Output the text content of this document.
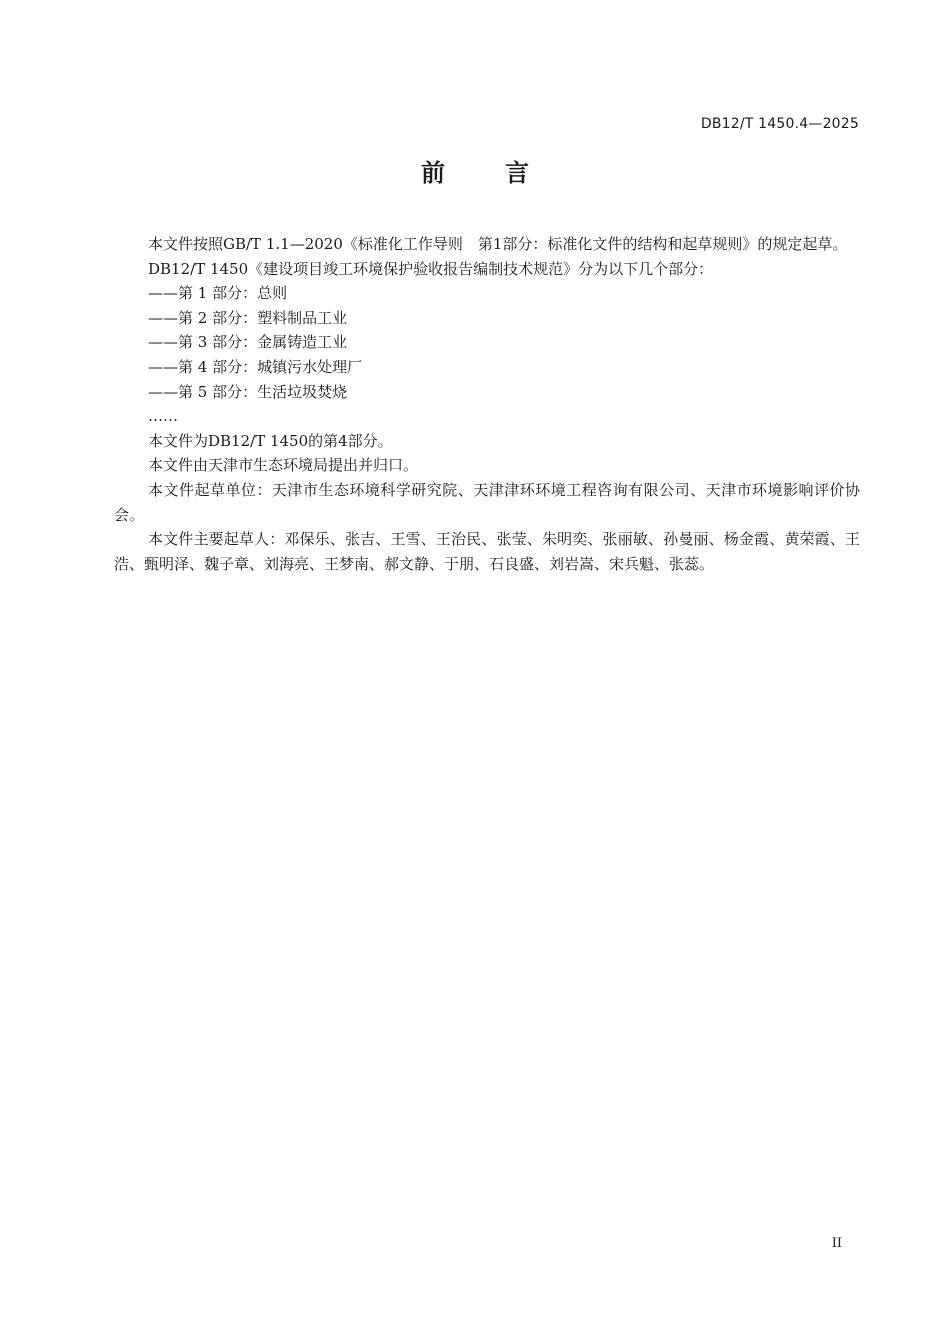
DB12/T 1450.4—2025
前	言

本文件按照GB/T 1.1—2020《标准化工作导则　第1部分：标准化文件的结构和起草规则》的规定起草。

DB12/T 1450《建设项目竣工环境保护验收报告编制技术规范》分为以下几个部分：

——第 1 部分：总则

——第 2 部分：塑料制品工业

——第 3 部分：金属铸造工业

——第 4 部分：城镇污水处理厂

——第 5 部分：生活垃圾焚烧

……

本文件为DB12/T 1450的第4部分。

本文件由天津市生态环境局提出并归口。

本文件起草单位：天津市生态环境科学研究院、天津津环环境工程咨询有限公司、天津市环境影响评价协会。

本文件主要起草人：邓保乐、张吉、王雪、王治民、张莹、朱明奕、张丽敏、孙曼丽、杨金霞、黄荣霞、王浩、甄明泽、魏子章、刘海亮、王梦南、郝文静、于朋、石良盛、刘岩嵩、宋兵魁、张蕊。

II
